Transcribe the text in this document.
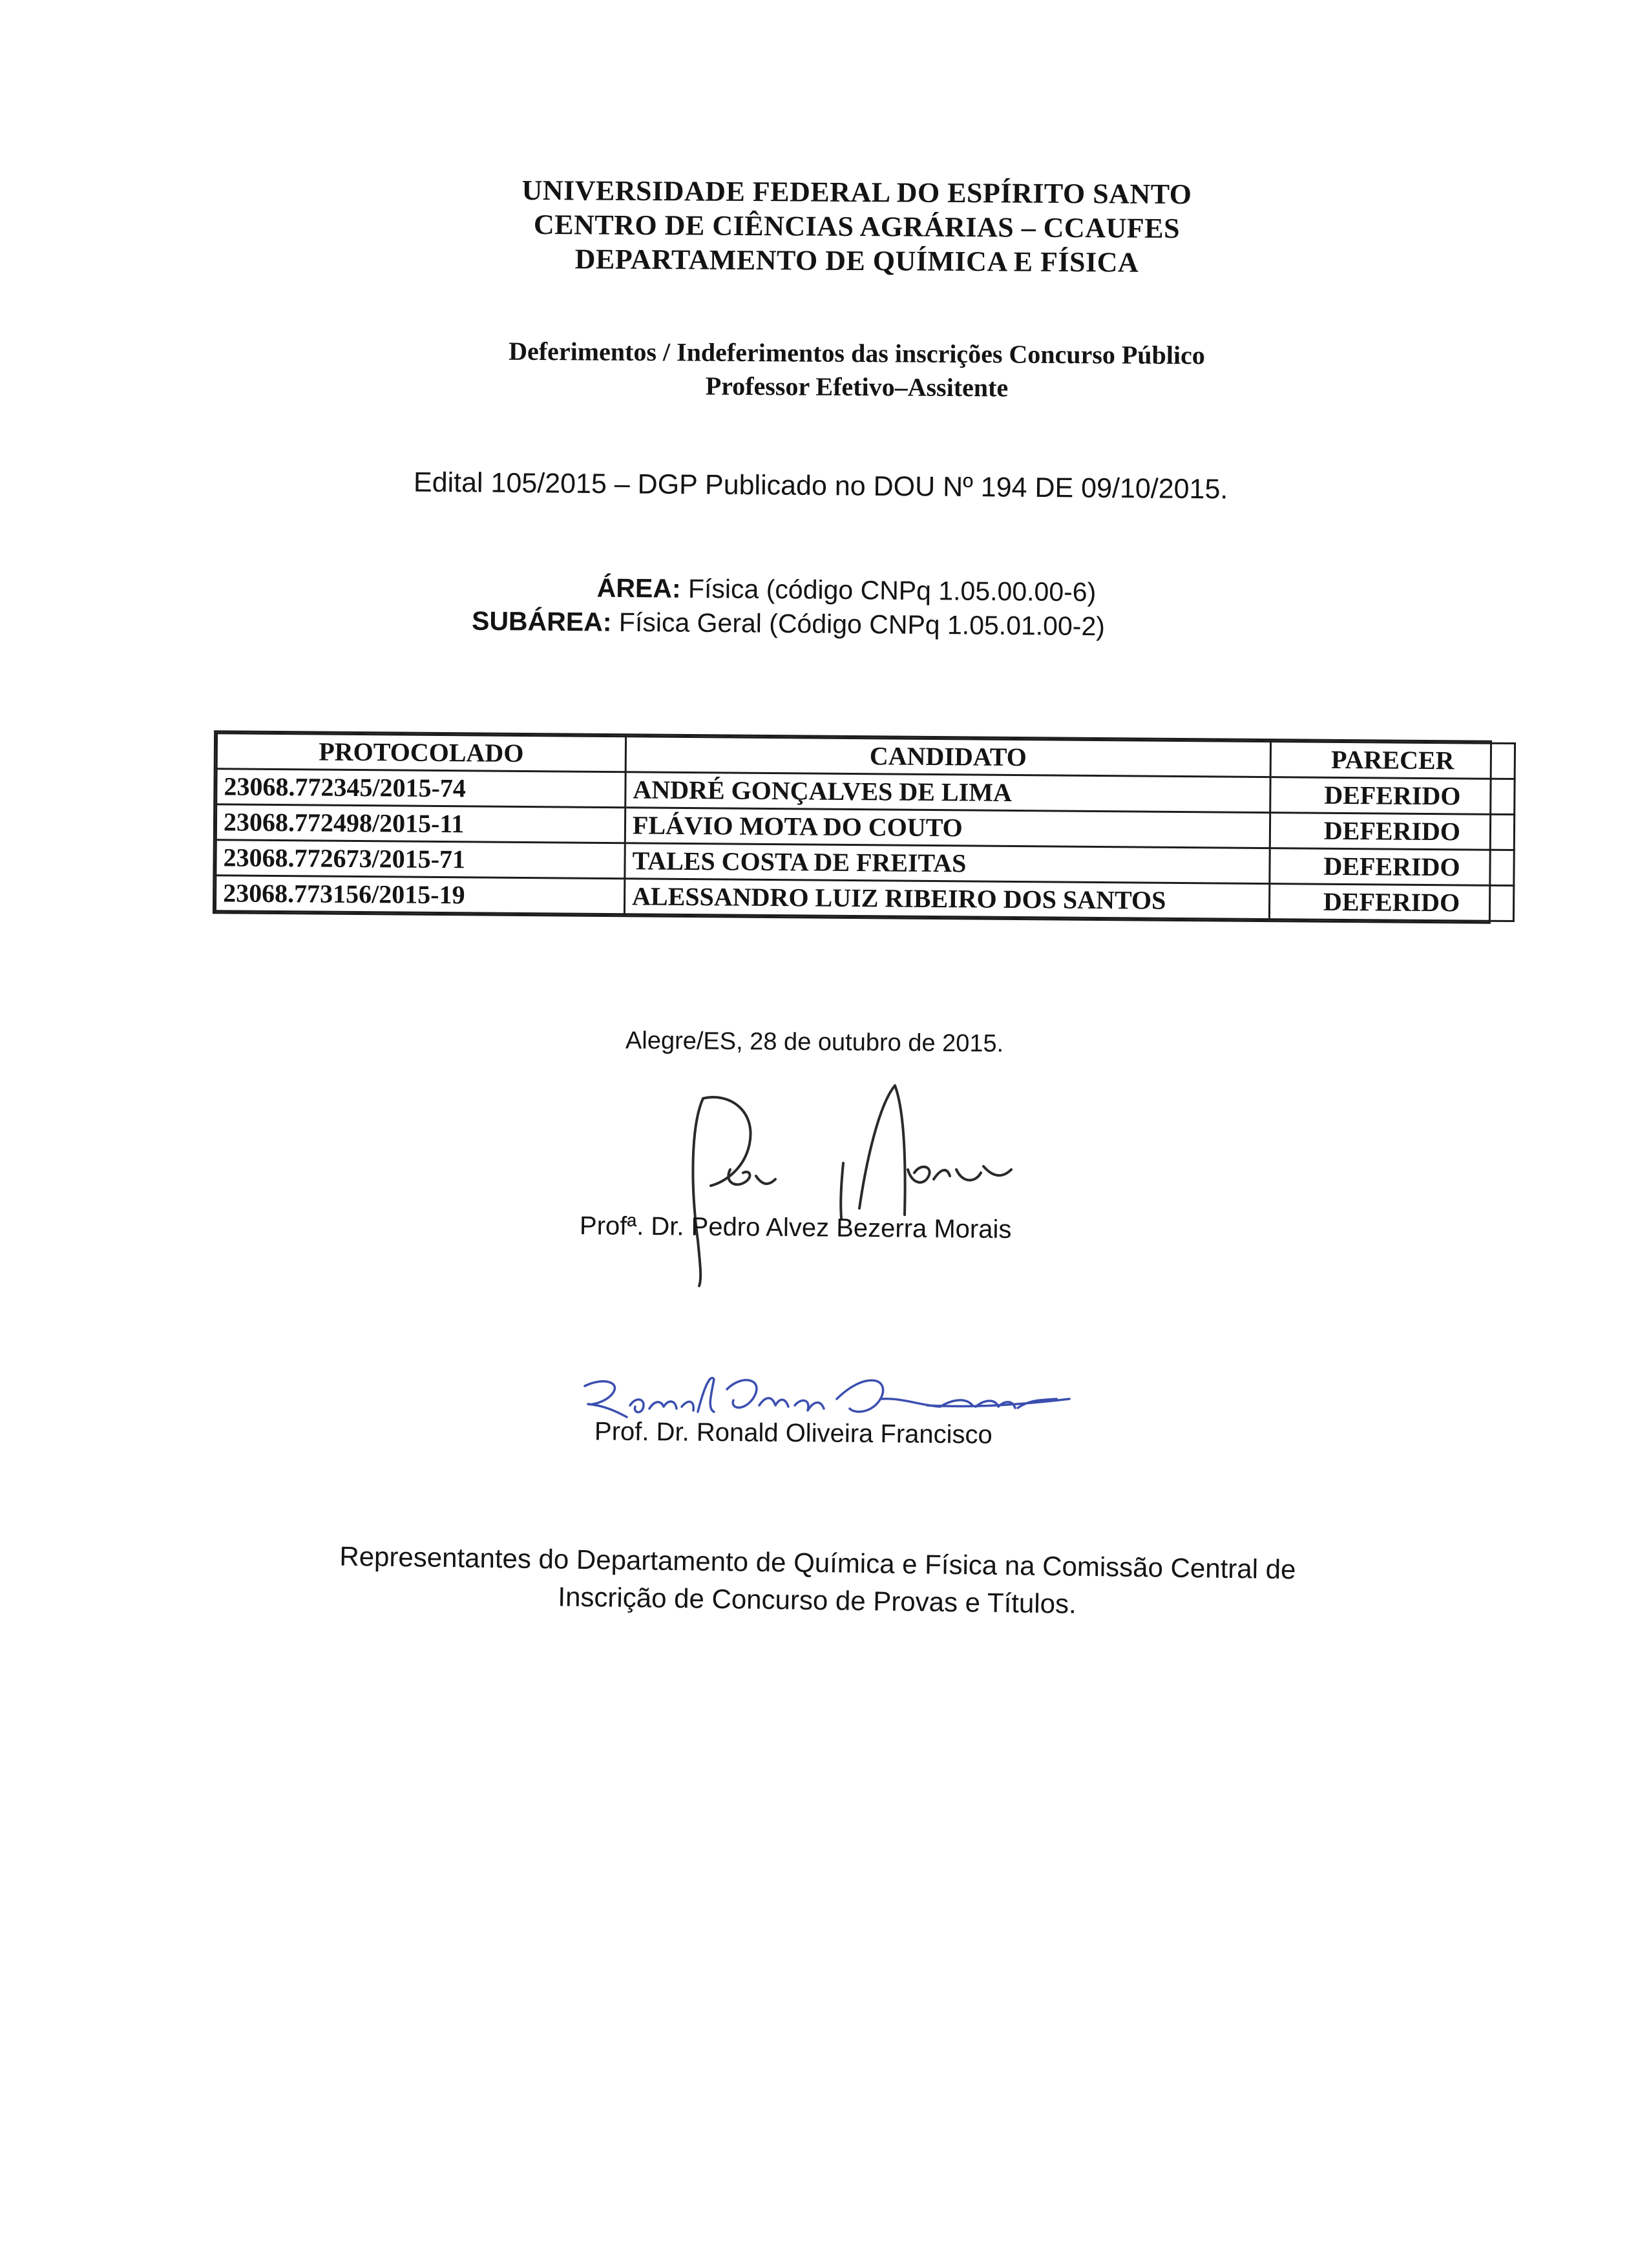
UNIVERSIDADE FEDERAL DO ESPÍRITO SANTO
CENTRO DE CIÊNCIAS AGRÁRIAS – CCAUFES
DEPARTAMENTO DE QUÍMICA E FÍSICA
Deferimentos / Indeferimentos das inscrições Concurso Público
Professor Efetivo–Assitente
Edital 105/2015 – DGP Publicado no DOU Nº 194 DE 09/10/2015.
ÁREA: Física (código CNPq 1.05.00.00-6)
SUBÁREA: Física Geral (Código CNPq 1.05.01.00-2)
PROTOCOLADO	CANDIDATO	PARECER
23068.772345/2015-74	ANDRÉ GONÇALVES DE LIMA	DEFERIDO
23068.772498/2015-11	FLÁVIO MOTA DO COUTO	DEFERIDO
23068.772673/2015-71	TALES COSTA DE FREITAS	DEFERIDO
23068.773156/2015-19	ALESSANDRO LUIZ RIBEIRO DOS SANTOS	DEFERIDO
Alegre/ES, 28 de outubro de 2015.
Profª. Dr. Pedro Alvez Bezerra Morais
Prof. Dr. Ronald Oliveira Francisco
Representantes do Departamento de Química e Física na Comissão Central de
Inscrição de Concurso de Provas e Títulos.
